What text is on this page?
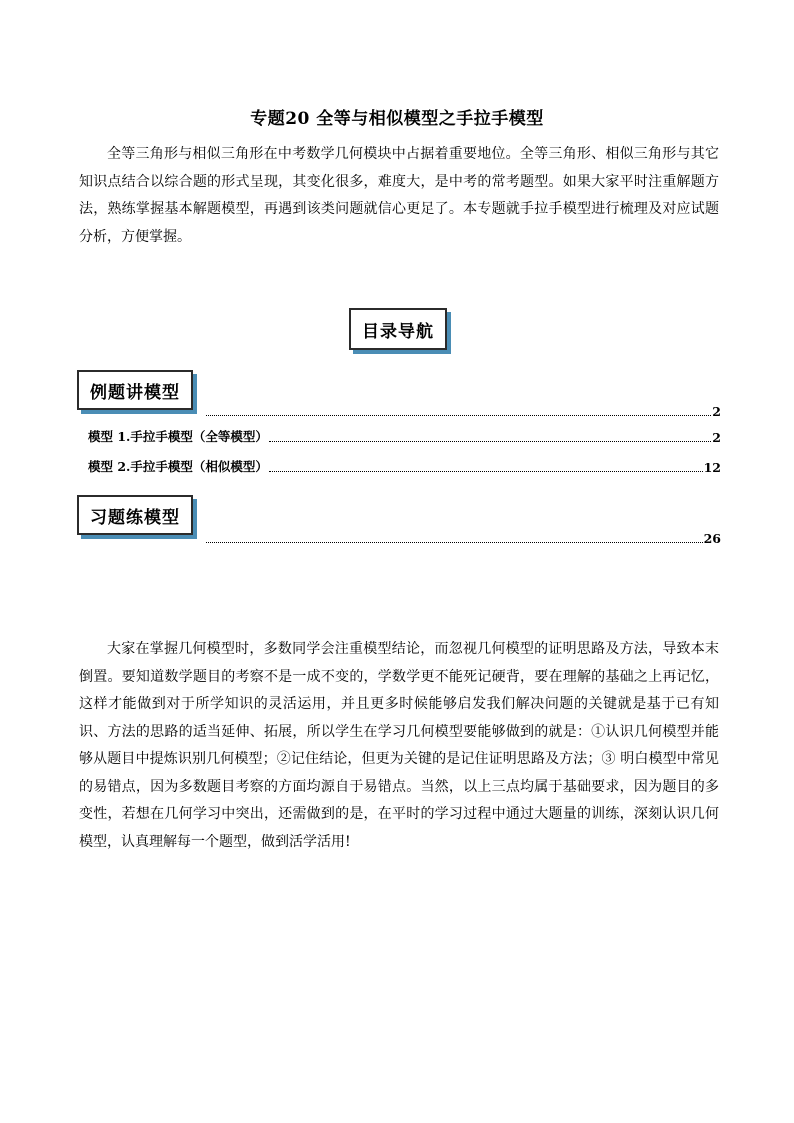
专题20 全等与相似模型之手拉手模型
全等三角形与相似三角形在中考数学几何模块中占据着重要地位。全等三角形、相似三角形与其它知识点结合以综合题的形式呈现，其变化很多，难度大，是中考的常考题型。如果大家平时注重解题方法，熟练掌握基本解题模型，再遇到该类问题就信心更足了。本专题就手拉手模型进行梳理及对应试题分析，方便掌握。
目录导航
例题讲模型
2
模型 1.手拉手模型（全等模型）	2
模型 2.手拉手模型（相似模型）	12
习题练模型
26
大家在掌握几何模型时，多数同学会注重模型结论，而忽视几何模型的证明思路及方法，导致本末倒置。要知道数学题目的考察不是一成不变的，学数学更不能死记硬背，要在理解的基础之上再记忆，这样才能做到对于所学知识的灵活运用，并且更多时候能够启发我们解决问题的关键就是基于已有知识、方法的思路的适当延伸、拓展，所以学生在学习几何模型要能够做到的就是：①认识几何模型并能够从题目中提炼识别几何模型；②记住结论，但更为关键的是记住证明思路及方法；③ 明白模型中常见的易错点，因为多数题目考察的方面均源自于易错点。当然，以上三点均属于基础要求，因为题目的多变性，若想在几何学习中突出，还需做到的是，在平时的学习过程中通过大题量的训练，深刻认识几何模型，认真理解每一个题型，做到活学活用!
